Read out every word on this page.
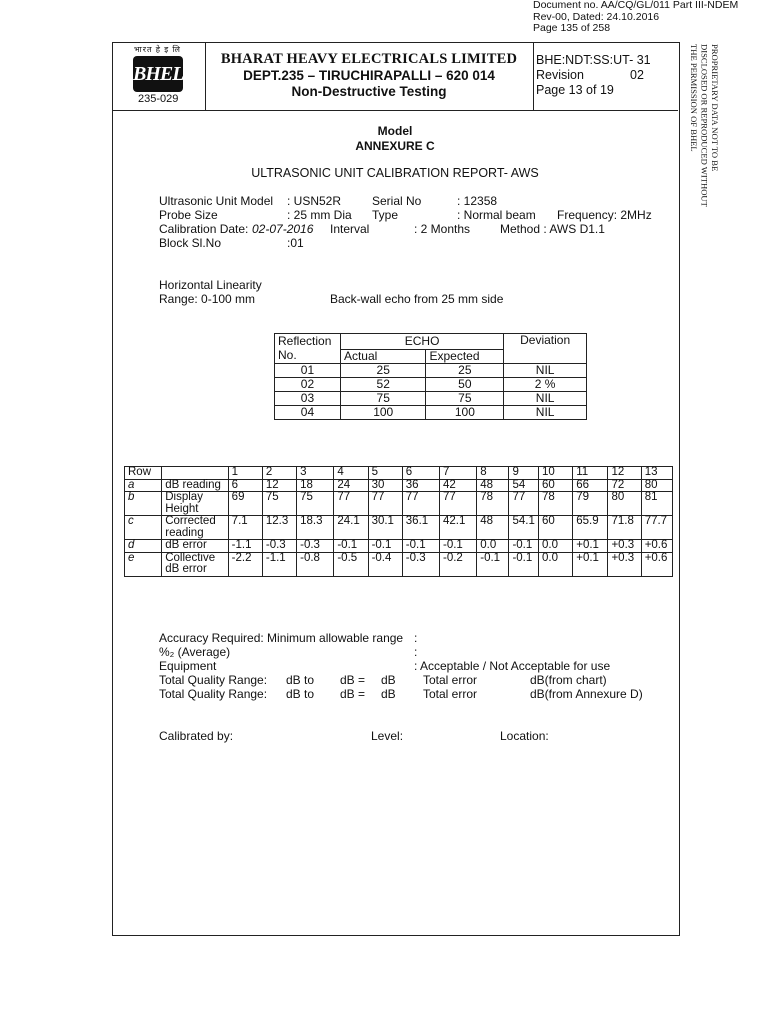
Document no. AA/CQ/GL/011 Part III-NDEM
Rev-00, Dated: 24.10.2016
Page 135 of 258
भारत हे इ लि
BHEL
235-029
BHARAT HEAVY ELECTRICALS LIMITED
DEPT.235 – TIRUCHIRAPALLI – 620 014
Non-Destructive Testing
BHE:NDT:SS:UT- 31
Revision	02
Page 13 of 19	PROPRIETARY DATA NOT TO BE
DISCLOSED OR REPRODUCED WITHOUT
THE PERMISSION OF BHEL
Model
ANNEXURE C
ULTRASONIC UNIT CALIBRATION REPORT- AWS
Ultrasonic Unit Model : USN52R	Serial No	: 12358
Probe Size	: 25 mm Dia Type	: Normal beam Frequency: 2MHz
Calibration Date: 02-07-2016 Interval	: 2 Months Method : AWS D1.1
Block Sl.No	:01
Horizontal Linearity
Range: 0-100 mm	Back-wall echo from 25 mm side
Reflection No.	ECHO		Deviation
	Actual	Expected	
01	25	25	NIL
02	52	50	2 %
03	75	75	NIL
04	100	100	NIL
Row		1	2	3	4	5	6	7	8	9	10	11	12	13
a	dB reading	6	12	18	24	30	36	42	48	54	60	66	72	80
b	Display Height	69	75	75	77	77	77	77	78	77	78	79	80	81
c	Corrected reading	7.1	12.3	18.3	24.1	30.1	36.1	42.1	48	54.1	60	65.9	71.8	77.7
d	dB error	-1.1	-0.3	-0.3	-0.1	-0.1	-0.1	-0.1	0.0	-0.1	0.0	+0.1	+0.3	+0.6
e	Collective dB error	-2.2	-1.1	-0.8	-0.5	-0.4	-0.3	-0.2	-0.1	-0.1	0.0	+0.1	+0.3	+0.6
Accuracy Required: Minimum allowable range :
%₂ (Average)	:
Equipment	: Acceptable / Not Acceptable for use
Total Quality Range: dB to dB = dB Total error	dB(from chart)
Total Quality Range: dB to dB = dB Total error	dB(from Annexure D)
Calibrated by:	Level:	Location:
